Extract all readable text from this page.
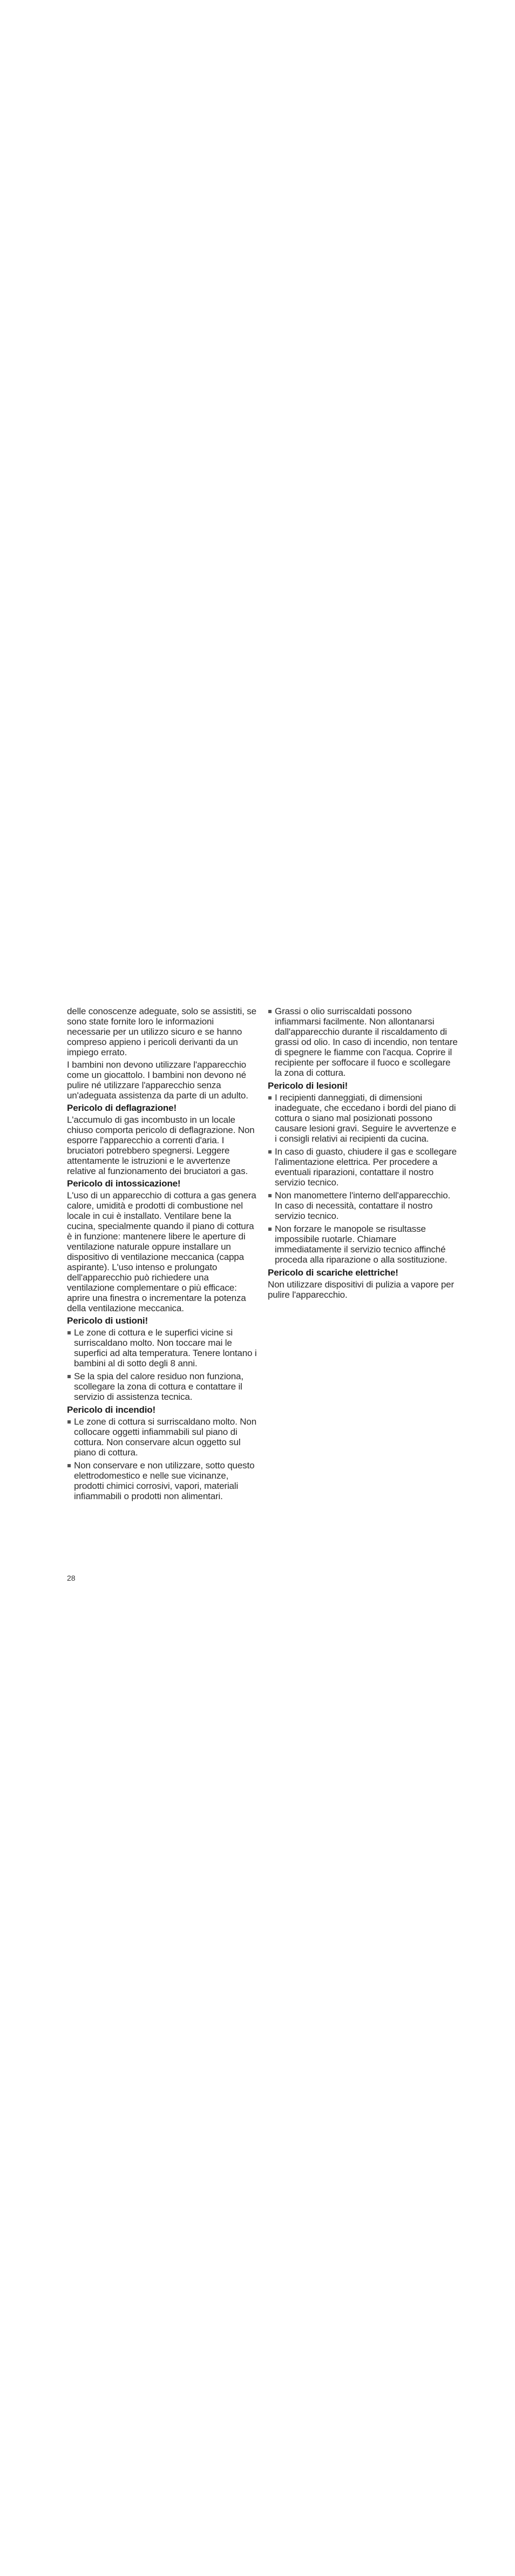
delle conoscenze adeguate, solo se assistiti, se sono state fornite loro le informazioni necessarie per un utilizzo sicuro e se hanno compreso appieno i pericoli derivanti da un impiego errato.

I bambini non devono utilizzare l'apparecchio come un giocattolo. I bambini non devono né pulire né utilizzare l'apparecchio senza un'adeguata assistenza da parte di un adulto.

Pericolo di deflagrazione!

L'accumulo di gas incombusto in un locale chiuso comporta pericolo di deflagrazione. Non esporre l'apparecchio a correnti d'aria. I bruciatori potrebbero spegnersi. Leggere attentamente le istruzioni e le avvertenze relative al funzionamento dei bruciatori a gas.

Pericolo di intossicazione!

L'uso di un apparecchio di cottura a gas genera calore, umidità e prodotti di combustione nel locale in cui è installato. Ventilare bene la cucina, specialmente quando il piano di cottura è in funzione: mantenere libere le aperture di ventilazione naturale oppure installare un dispositivo di ventilazione meccanica (cappa aspirante). L'uso intenso e prolungato dell'apparecchio può richiedere una ventilazione complementare o più efficace: aprire una finestra o incrementare la potenza della ventilazione meccanica.

Pericolo di ustioni!
Le zone di cottura e le superfici vicine si surriscaldano molto. Non toccare mai le superfici ad alta temperatura. Tenere lontano i bambini al di sotto degli 8 anni.
Se la spia del calore residuo non funziona, scollegare la zona di cottura e contattare il servizio di assistenza tecnica.
Pericolo di incendio!
Le zone di cottura si surriscaldano molto. Non collocare oggetti infiammabili sul piano di cottura. Non conservare alcun oggetto sul piano di cottura.
Non conservare e non utilizzare, sotto questo elettrodomestico e nelle sue vicinanze, prodotti chimici corrosivi, vapori, materiali infiammabili o prodotti non alimentari.
Grassi o olio surriscaldati possono infiammarsi facilmente. Non allontanarsi dall'apparecchio durante il riscaldamento di grassi od olio. In caso di incendio, non tentare di spegnere le fiamme con l'acqua. Coprire il recipiente per soffocare il fuoco e scollegare la zona di cottura.
Pericolo di lesioni!
I recipienti danneggiati, di dimensioni inadeguate, che eccedano i bordi del piano di cottura o siano mal posizionati possono causare lesioni gravi. Seguire le avvertenze e i consigli relativi ai recipienti da cucina.
In caso di guasto, chiudere il gas e scollegare l'alimentazione elettrica. Per procedere a eventuali riparazioni, contattare il nostro servizio tecnico.
Non manomettere l'interno dell'apparecchio. In caso di necessità, contattare il nostro servizio tecnico.
Non forzare le manopole se risultasse impossibile ruotarle. Chiamare immediatamente il servizio tecnico affinché proceda alla riparazione o alla sostituzione.
Pericolo di scariche elettriche!

Non utilizzare dispositivi di pulizia a vapore per pulire l'apparecchio.

28
